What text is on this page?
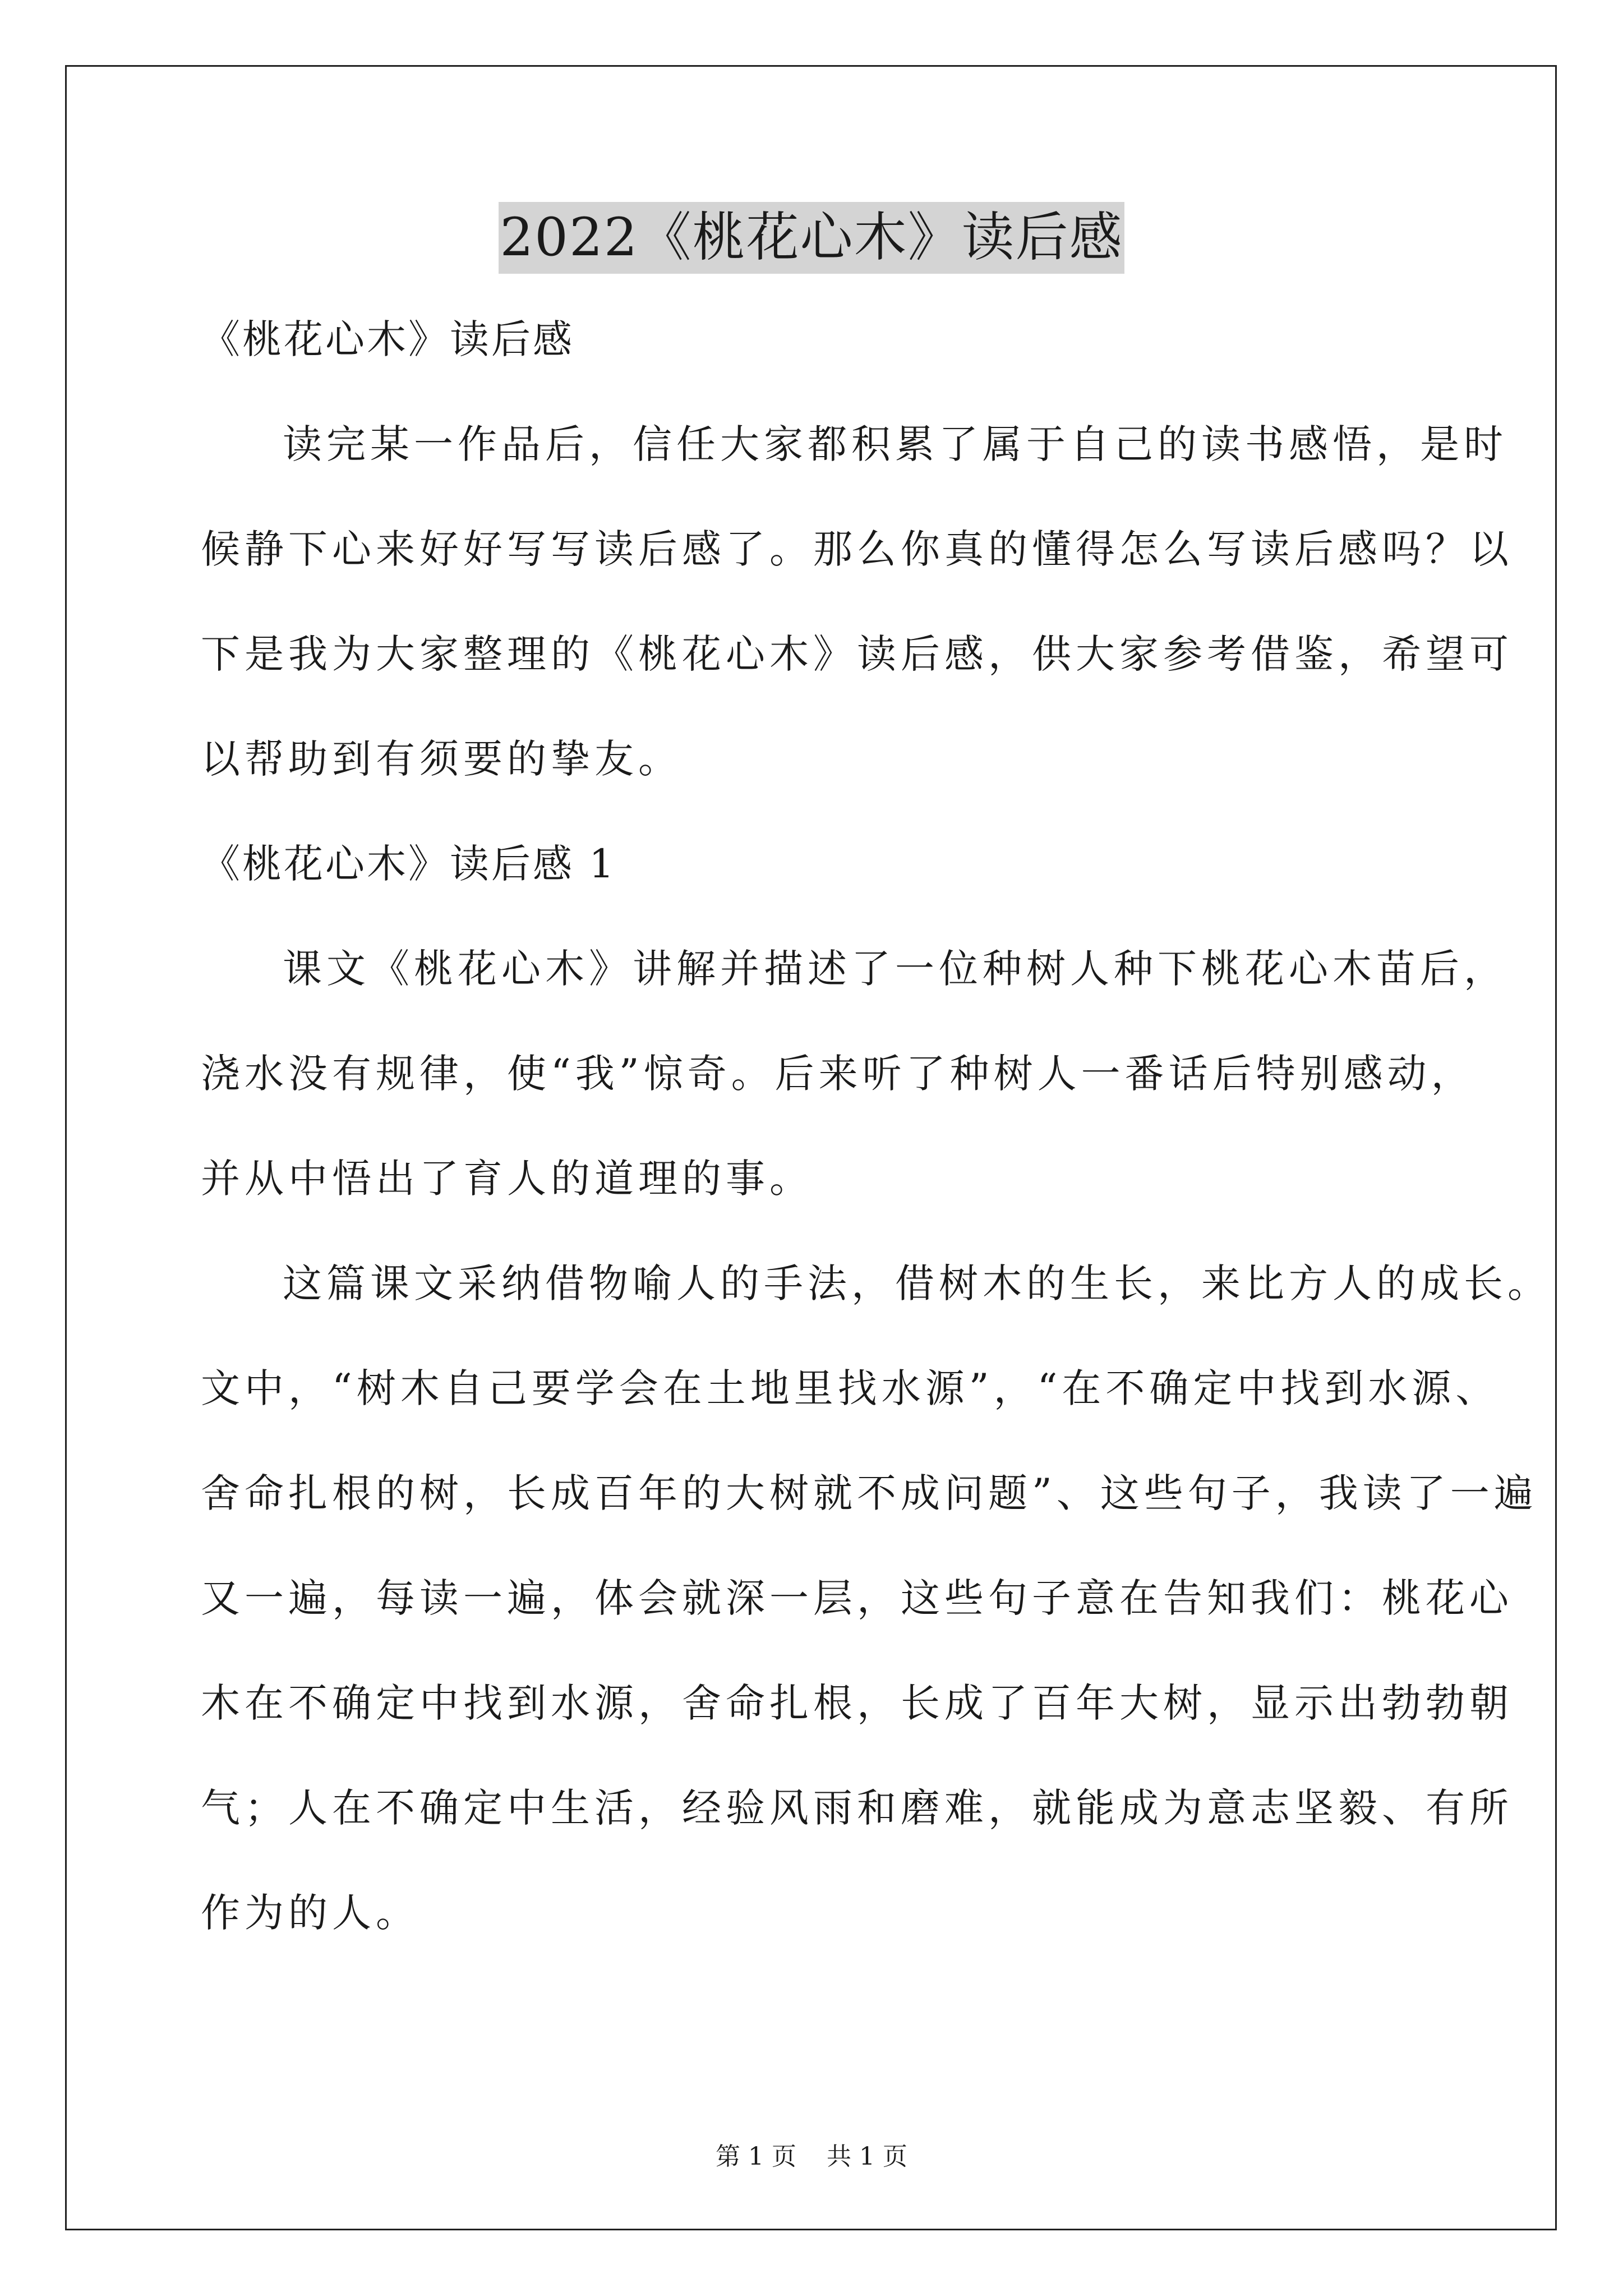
2022《桃花心木》读后感
《桃花心木》读后感
读完某一作品后，信任大家都积累了属于自己的读书感悟，是时
候静下心来好好写写读后感了。那么你真的懂得怎么写读后感吗？以
下是我为大家整理的《桃花心木》读后感，供大家参考借鉴，希望可
以帮助到有须要的挚友。
《桃花心木》读后感 1
课文《桃花心木》讲解并描述了一位种树人种下桃花心木苗后，
浇水没有规律，使“我”惊奇。后来听了种树人一番话后特别感动，
并从中悟出了育人的道理的事。
这篇课文采纳借物喻人的手法，借树木的生长，来比方人的成长。
文中，“树木自己要学会在土地里找水源”，“在不确定中找到水源、
舍命扎根的树，长成百年的大树就不成问题”、这些句子，我读了一遍
又一遍，每读一遍，体会就深一层，这些句子意在告知我们：桃花心
木在不确定中找到水源，舍命扎根，长成了百年大树，显示出勃勃朝
气；人在不确定中生活，经验风雨和磨难，就能成为意志坚毅、有所
作为的人。
第 1 页 共 1 页
